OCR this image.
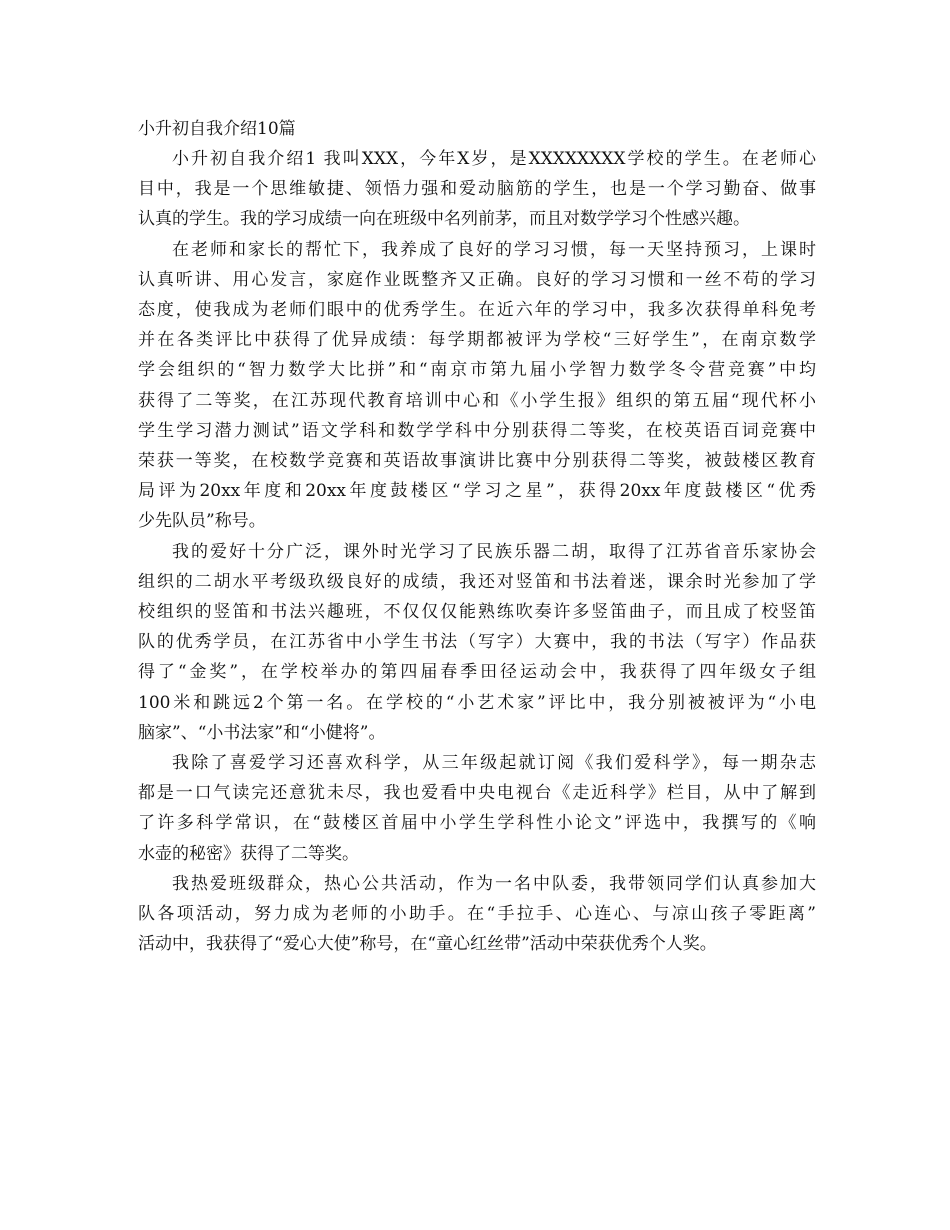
小升初自我介绍10篇
小升初自我介绍1 我叫XXX，今年X岁，是XXXXXXXX学校的学生。在老师心
目中，我是一个思维敏捷、领悟力强和爱动脑筋的学生，也是一个学习勤奋、做事
认真的学生。我的学习成绩一向在班级中名列前茅，而且对数学学习个性感兴趣。
在老师和家长的帮忙下，我养成了良好的学习习惯，每一天坚持预习，上课时
认真听讲、用心发言，家庭作业既整齐又正确。良好的学习习惯和一丝不苟的学习
态度，使我成为老师们眼中的优秀学生。在近六年的学习中，我多次获得单科免考
并在各类评比中获得了优异成绩：每学期都被评为学校“三好学生”，在南京数学
学会组织的“智力数学大比拼”和“南京市第九届小学智力数学冬令营竞赛”中均
获得了二等奖，在江苏现代教育培训中心和《小学生报》组织的第五届“现代杯小
学生学习潜力测试”语文学科和数学学科中分别获得二等奖，在校英语百词竞赛中
荣获一等奖，在校数学竞赛和英语故事演讲比赛中分别获得二等奖，被鼓楼区教育
局评为20xx年度和20xx年度鼓楼区“学习之星”，获得20xx年度鼓楼区“优秀
少先队员”称号。
我的爱好十分广泛，课外时光学习了民族乐器二胡，取得了江苏省音乐家协会
组织的二胡水平考级玖级良好的成绩，我还对竖笛和书法着迷，课余时光参加了学
校组织的竖笛和书法兴趣班，不仅仅仅能熟练吹奏许多竖笛曲子，而且成了校竖笛
队的优秀学员，在江苏省中小学生书法（写字）大赛中，我的书法（写字）作品获
得了“金奖”，在学校举办的第四届春季田径运动会中，我获得了四年级女子组
100米和跳远2个第一名。在学校的“小艺术家”评比中，我分别被被评为“小电
脑家”、“小书法家”和“小健将”。
我除了喜爱学习还喜欢科学，从三年级起就订阅《我们爱科学》，每一期杂志
都是一口气读完还意犹未尽，我也爱看中央电视台《走近科学》栏目，从中了解到
了许多科学常识，在“鼓楼区首届中小学生学科性小论文”评选中，我撰写的《响
水壶的秘密》获得了二等奖。
我热爱班级群众，热心公共活动，作为一名中队委，我带领同学们认真参加大
队各项活动，努力成为老师的小助手。在“手拉手、心连心、与凉山孩子零距离”
活动中，我获得了“爱心大使”称号，在“童心红丝带”活动中荣获优秀个人奖。
